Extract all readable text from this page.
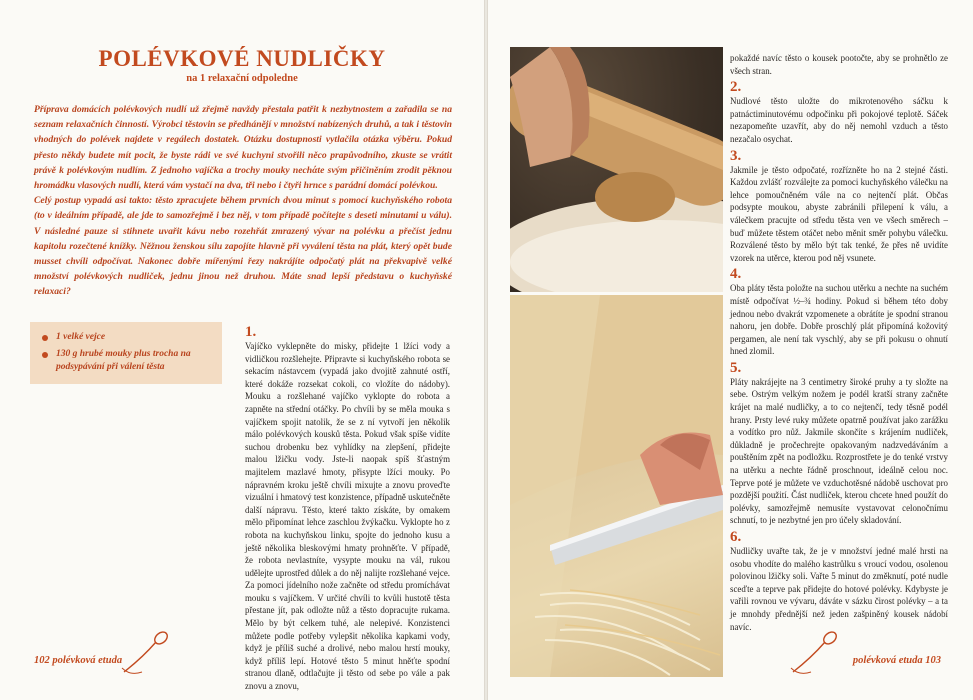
POLÉVKOVÉ NUDLIČKY
na 1 relaxační odpoledne

Příprava domácích polévkových nudlí už zřejmě navždy přestala patřit k nezbytnostem a zařadila se na seznam relaxačních činností. Výrobci těstovin se předhánějí v množství nabízených druhů, a tak i těstovin vhodných do polévek najdete v regálech dostatek. Otázku dostupnosti vytlačila otázka výběru. Pokud přesto někdy budete mít pocit, že byste rádi ve své kuchyni stvořili něco prapůvodního, zkuste se vrátit právě k polévkovým nudlím. Z jednoho vajíčka a trochy mouky nechάte svým přičiněním zrodit pěknou hromádku vlasových nudlí, která vám vystačí na dva, tři nebo i čtyři hrnce s parádní domácí polévkou.

Celý postup vypadá asi takto: těsto zpracujete během prvních dvou minut s pomocí kuchyňského robota (to v ideálním případě, ale jde to samozřejmě i bez něj, v tom případě počítejte s deseti minutami u válu). V následné pauze si stihnete uvařit kávu nebo rozehřát zmrazený vývar na polévku a přečíst jednu kapitolu rozečtené knížky. Něžnou ženskou sílu zapojíte hlavně při vyválení těsta na plát, který opět bude musset chvíli odpočívat. Nakonec dobře mířenými řezy nakrájíte odpočatý plát na překvapivě velké množství polévkových nudliček, jednu jinou než druhou. Máte snad lepší představu o kuchyňské relaxaci?

1 velké vejce
130 g hrubé mouky plus trocha na podsypávání při válení těsta
1.

Vajíčko vyklepněte do misky, přidejte 1 lžíci vody a vidličkou rozšlehejte. Připravte si kuchyňského robota se sekacím nástavcem (vypadá jako dvojitě zahnuté ostří, které dokáže rozsekat cokoli, co vložíte do nádoby). Mouku a rozšlehané vajíčko vyklopte do robota a zapněte na střední otáčky. Po chvíli by se měla mouka s vajíčkem spojit natolik, že se z ní vytvoří jen několik málo polévkových kousků těsta. Pokud však spíše vidíte suchou drobenku bez vyhlídky na zlepšení, přidejte malou lžičku vody. Jste-li naopak spíš šťastným majitelem mazlavé hmoty, přisypte lžíci mouky. Po nápravném kroku ještě chvíli mixujte a znovu proveďte vizuální i hmatový test konzistence, případně uskutečněte další nápravu. Těsto, které takto získáte, by omakem mělo připomínat lehce zaschlou žvýkačku. Vyklopte ho z robota na kuchyňskou linku, spojte do jednoho kusu a ještě několika bleskovými hmaty prohněťte. V případě, že robota nevlastníte, vysypte mouku na vál, rukou udělejte uprostřed důlek a do něj nalijte rozšlehané vejce. Za pomoci jídelního nože začněte od středu promíchávat mouku s vajíčkem. V určité chvíli to kvůli hustotě těsta přestane jít, pak odložte nůž a těsto dopracujte rukama. Mělo by být celkem tuhé, ale nelepivé. Konzistenci můžete podle potřeby vylepšit několika kapkami vody, když je příliš suché a drolivé, nebo malou hrstí mouky, když příliš lepí. Hotové těsto 5 minut hněťte spodní stranou dlaně, odtlačujte ji těsto od sebe po vále a pak znovu a znovu,

102 polévková etuda

pokaždé navíc těsto o kousek pootočte, aby se prohnětlo ze všech stran.

2.

Nudlové těsto uložte do mikrotenového sáčku k patnáctiminutovému odpočinku při pokojové teplotě. Sáček nezapomeňte uzavřít, aby do něj nemohl vzduch a těsto nezačalo osychat.

3.

Jakmile je těsto odpočaté, rozřízněte ho na 2 stejné části. Každou zvlášť rozválejte za pomoci kuchyňského válečku na lehce pomoučněném vále na co nejtenčí plát. Občas podsypte moukou, abyste zabránili přilepení k válu, a válečkem pracujte od středu těsta ven ve všech směrech – buď můžete těstem otáčet nebo měnit směr pohybu válečku. Rozválené těsto by mělo být tak tenké, že přes ně uvidíte vzorek na utěrce, kterou pod něj vsunete.

4.

Oba pláty těsta položte na suchou utěrku a nechte na suchém místě odpočívat ½–¾ hodiny. Pokud si během této doby jednou nebo dvakrát vzpomenete a obrátíte je spodní stranou nahoru, jen dobře. Dobře proschlý plát připomíná kožovitý pergamen, ale není tak vyschlý, aby se při pokusu o ohnutí hned zlomil.

5.

Pláty nakrájejte na 3 centimetry široké pruhy a ty složte na sebe. Ostrým velkým nožem je podél kratší strany začněte krájet na malé nudličky, a to co nejtenčí, tedy těsně podél hrany. Prsty levé ruky můžete opatrně používat jako zarážku a vodítko pro nůž. Jakmile skončíte s krájením nudliček, důkladně je pročechrejte opakovaným nadzvedáváním a pouštěním zpět na podložku. Rozprostřete je do tenké vrstvy na utěrku a nechte řádně proschnout, ideálně celou noc. Teprve poté je můžete ve vzduchotěsné nádobě uschovat pro pozdější použití. Část nudliček, kterou chcete hned použít do polévky, samozřejmě nemusíte vystavovat celonočnímu schnutí, to je nezbytné jen pro účely skladování.

6.

Nudličky uvařte tak, že je v množství jedné malé hrsti na osobu vhodíte do malého kastrůlku s vroucí vodou, osolenou polovinou lžičky soli. Vařte 5 minut do změknutí, poté nudle sceďte a teprve pak přidejte do hotové polévky. Kdybyste je vařili rovnou ve vývaru, dáváte v sázku čirost polévky – a ta je mnohdy přednější než jeden zašpiněný kousek nádobí navíc.

polévková etuda 103
